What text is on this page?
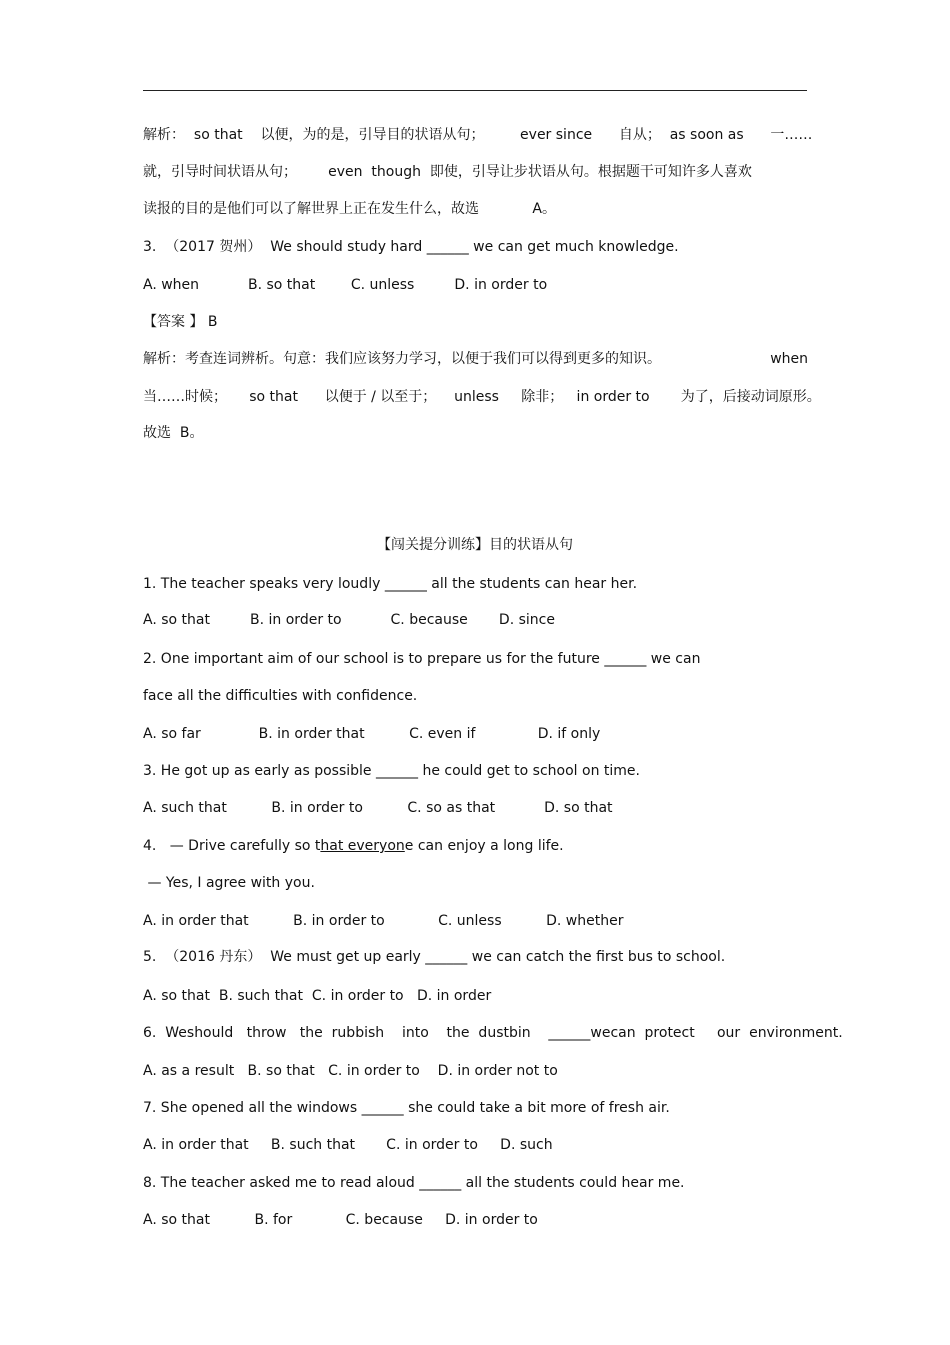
解析：  so that    以便，为的是，引导目的状语从句；        ever since      自从；  as soon as      一……
就，引导时间状语从句；       even  though  即使，引导让步状语从句。根据题干可知许多人喜欢
读报的目的是他们可以了解世界上正在发生什么，故选            A。
3.  （2017 贺州）  We should study hard ______ we can get much knowledge.
A. when           B. so that        C. unless         D. in order to
【答案 】 B
解析：考查连词辨析。句意：我们应该努力学习，以便于我们可以得到更多的知识。	when
当……时候；     so that      以便于 / 以至于；    unless     除非；   in order to       为了，后接动词原形。
故选  B。
【闯关提分训练】目的状语从句
1. The teacher speaks very loudly ______ all the students can hear her.
A. so that         B. in order to           C. because       D. since
2. One important aim of our school is to prepare us for the future ______ we can
face all the difficulties with confidence.
A. so far             B. in order that          C. even if              D. if only
3. He got up as early as possible ______ he could get to school on time.
A. such that          B. in order to          C. so as that           D. so that
4.   — Drive carefully so that everyone can enjoy a long life.
— Yes, I agree with you.
A. in order that          B. in order to            C. unless          D. whether
5.  （2016 丹东）  We must get up early ______ we can catch the first bus to school.
A. so that  B. such that  C. in order to   D. in order
6.  Weshould   throw   the  rubbish    into    the  dustbin    ______wecan  protect     our  environment.
A. as a result   B. so that   C. in order to    D. in order not to
7. She opened all the windows ______ she could take a bit more of fresh air.
A. in order that     B. such that       C. in order to     D. such
8. The teacher asked me to read aloud ______ all the students could hear me.
A. so that          B. for            C. because     D. in order to
